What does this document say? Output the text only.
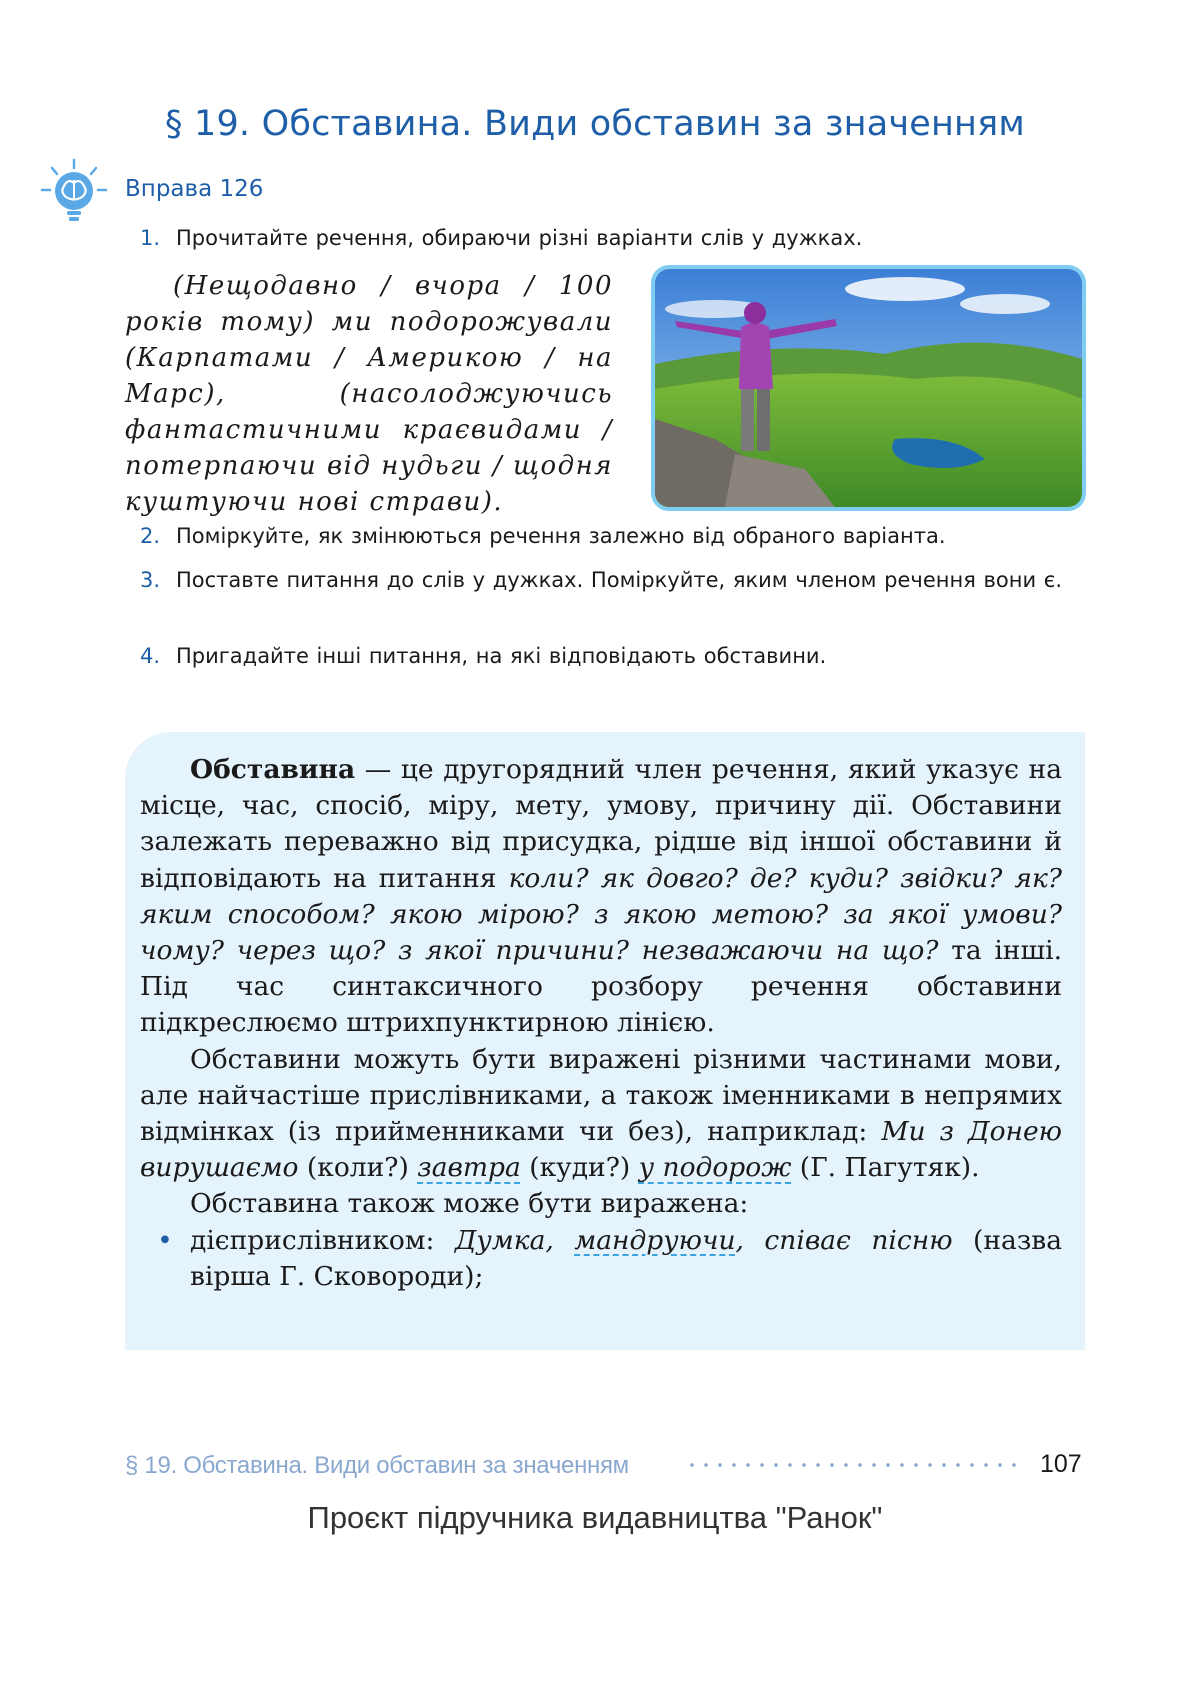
§ 19. Обставина. Види обставин за значенням
Вправа 126
1. Прочитайте речення, обираючи різні варіанти слів у дужках.

(Нещодавно / вчора / 100 років тому) ми подорожували (Карпатами / Америкою / на Марс), (насолоджуючись фантастичними краєвидами / потерпаючи від нудьги / щодня куштуючи нові страви).

2. Поміркуйте, як змінюються речення залежно від обраного варіанта.
3. Поставте питання до слів у дужках. Поміркуйте, яким членом речення вони є.
4. Пригадайте інші питання, на які відповідають обставини.

Обставина — це другорядний член речення, який указує на місце, час, спосіб, міру, мету, умову, причину дії. Обставини залежать переважно від присудка, рідше від іншої обставини й відповідають на питання коли? як довго? де? куди? звідки? як? яким способом? якою мірою? з якою метою? за якої умови? чому? через що? з якої причини? незважаючи на що? та інші. Під час синтаксичного розбору речення обставини підкреслюємо штрихпунктирною лінією.

Обставини можуть бути виражені різними частинами мови, але найчастіше прислівниками, а також іменниками в непрямих відмінках (із прийменниками чи без), наприклад: Ми з Донею вирушаємо (коли?) завтра (куди?) у подорож (Г. Пагутяк).

Обставина також може бути виражена:

• дієприслівником: Думка, мандруючи, співає пісню (назва вірша Г. Сковороди);
§ 19. Обставина. Види обставин за значенням	107
Проєкт підручника видавництва "Ранок"
